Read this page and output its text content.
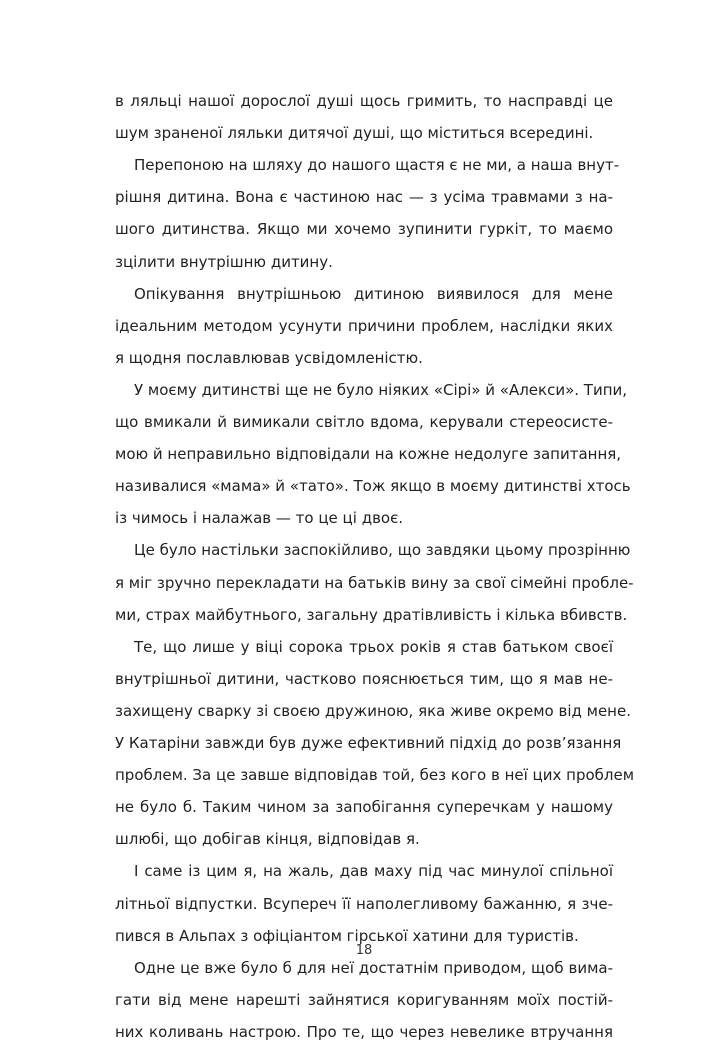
в ляльці нашої дорослої душі щось гримить, то насправді це
шум зраненої ляльки дитячої душі, що міститься всередині.
Перепоною на шляху до нашого щастя є не ми, а наша внут-
рішня дитина. Вона є частиною нас — з усіма травмами з на-
шого дитинства. Якщо ми хочемо зупинити гуркіт, то маємо
зцілити внутрішню дитину.
Опікування внутрішньою дитиною виявилося для мене
ідеальним методом усунути причини проблем, наслідки яких
я щодня пославлював усвідомленістю.
У моєму дитинстві ще не було ніяких «Сірі» й «Алекси». Типи,
що вмикали й вимикали світло вдома, керували стереосисте-
мою й неправильно відповідали на кожне недолуге запитання,
називалися «мама» й «тато». Тож якщо в моєму дитинстві хтось
із чимось і налажав — то це ці двоє.
Це було настільки заспокійливо, що завдяки цьому прозрінню
я міг зручно перекладати на батьків вину за свої сімейні пробле-
ми, страх майбутнього, загальну дратівливість і кілька вбивств.
Те, що лише у віці сорока трьох років я став батьком своєї
внутрішньої дитини, частково пояснюється тим, що я мав не-
захищену сварку зі своєю дружиною, яка живе окремо від мене.
У Катаріни завжди був дуже ефективний підхід до розв’язання
проблем. За це завше відповідав той, без кого в неї цих проблем
не було б. Таким чином за запобігання суперечкам у нашому
шлюбі, що добігав кінця, відповідав я.
І саме із цим я, на жаль, дав маху під час минулої спільної
літньої відпустки. Всупереч її наполегливому бажанню, я зче-
пився в Альпах з офіціантом гірської хатини для туристів.
Одне це вже було б для неї достатнім приводом, щоб вима-
гати від мене нарешті зайнятися коригуванням моїх постій-
них коливань настрою. Про те, що через невелике втручання
18
